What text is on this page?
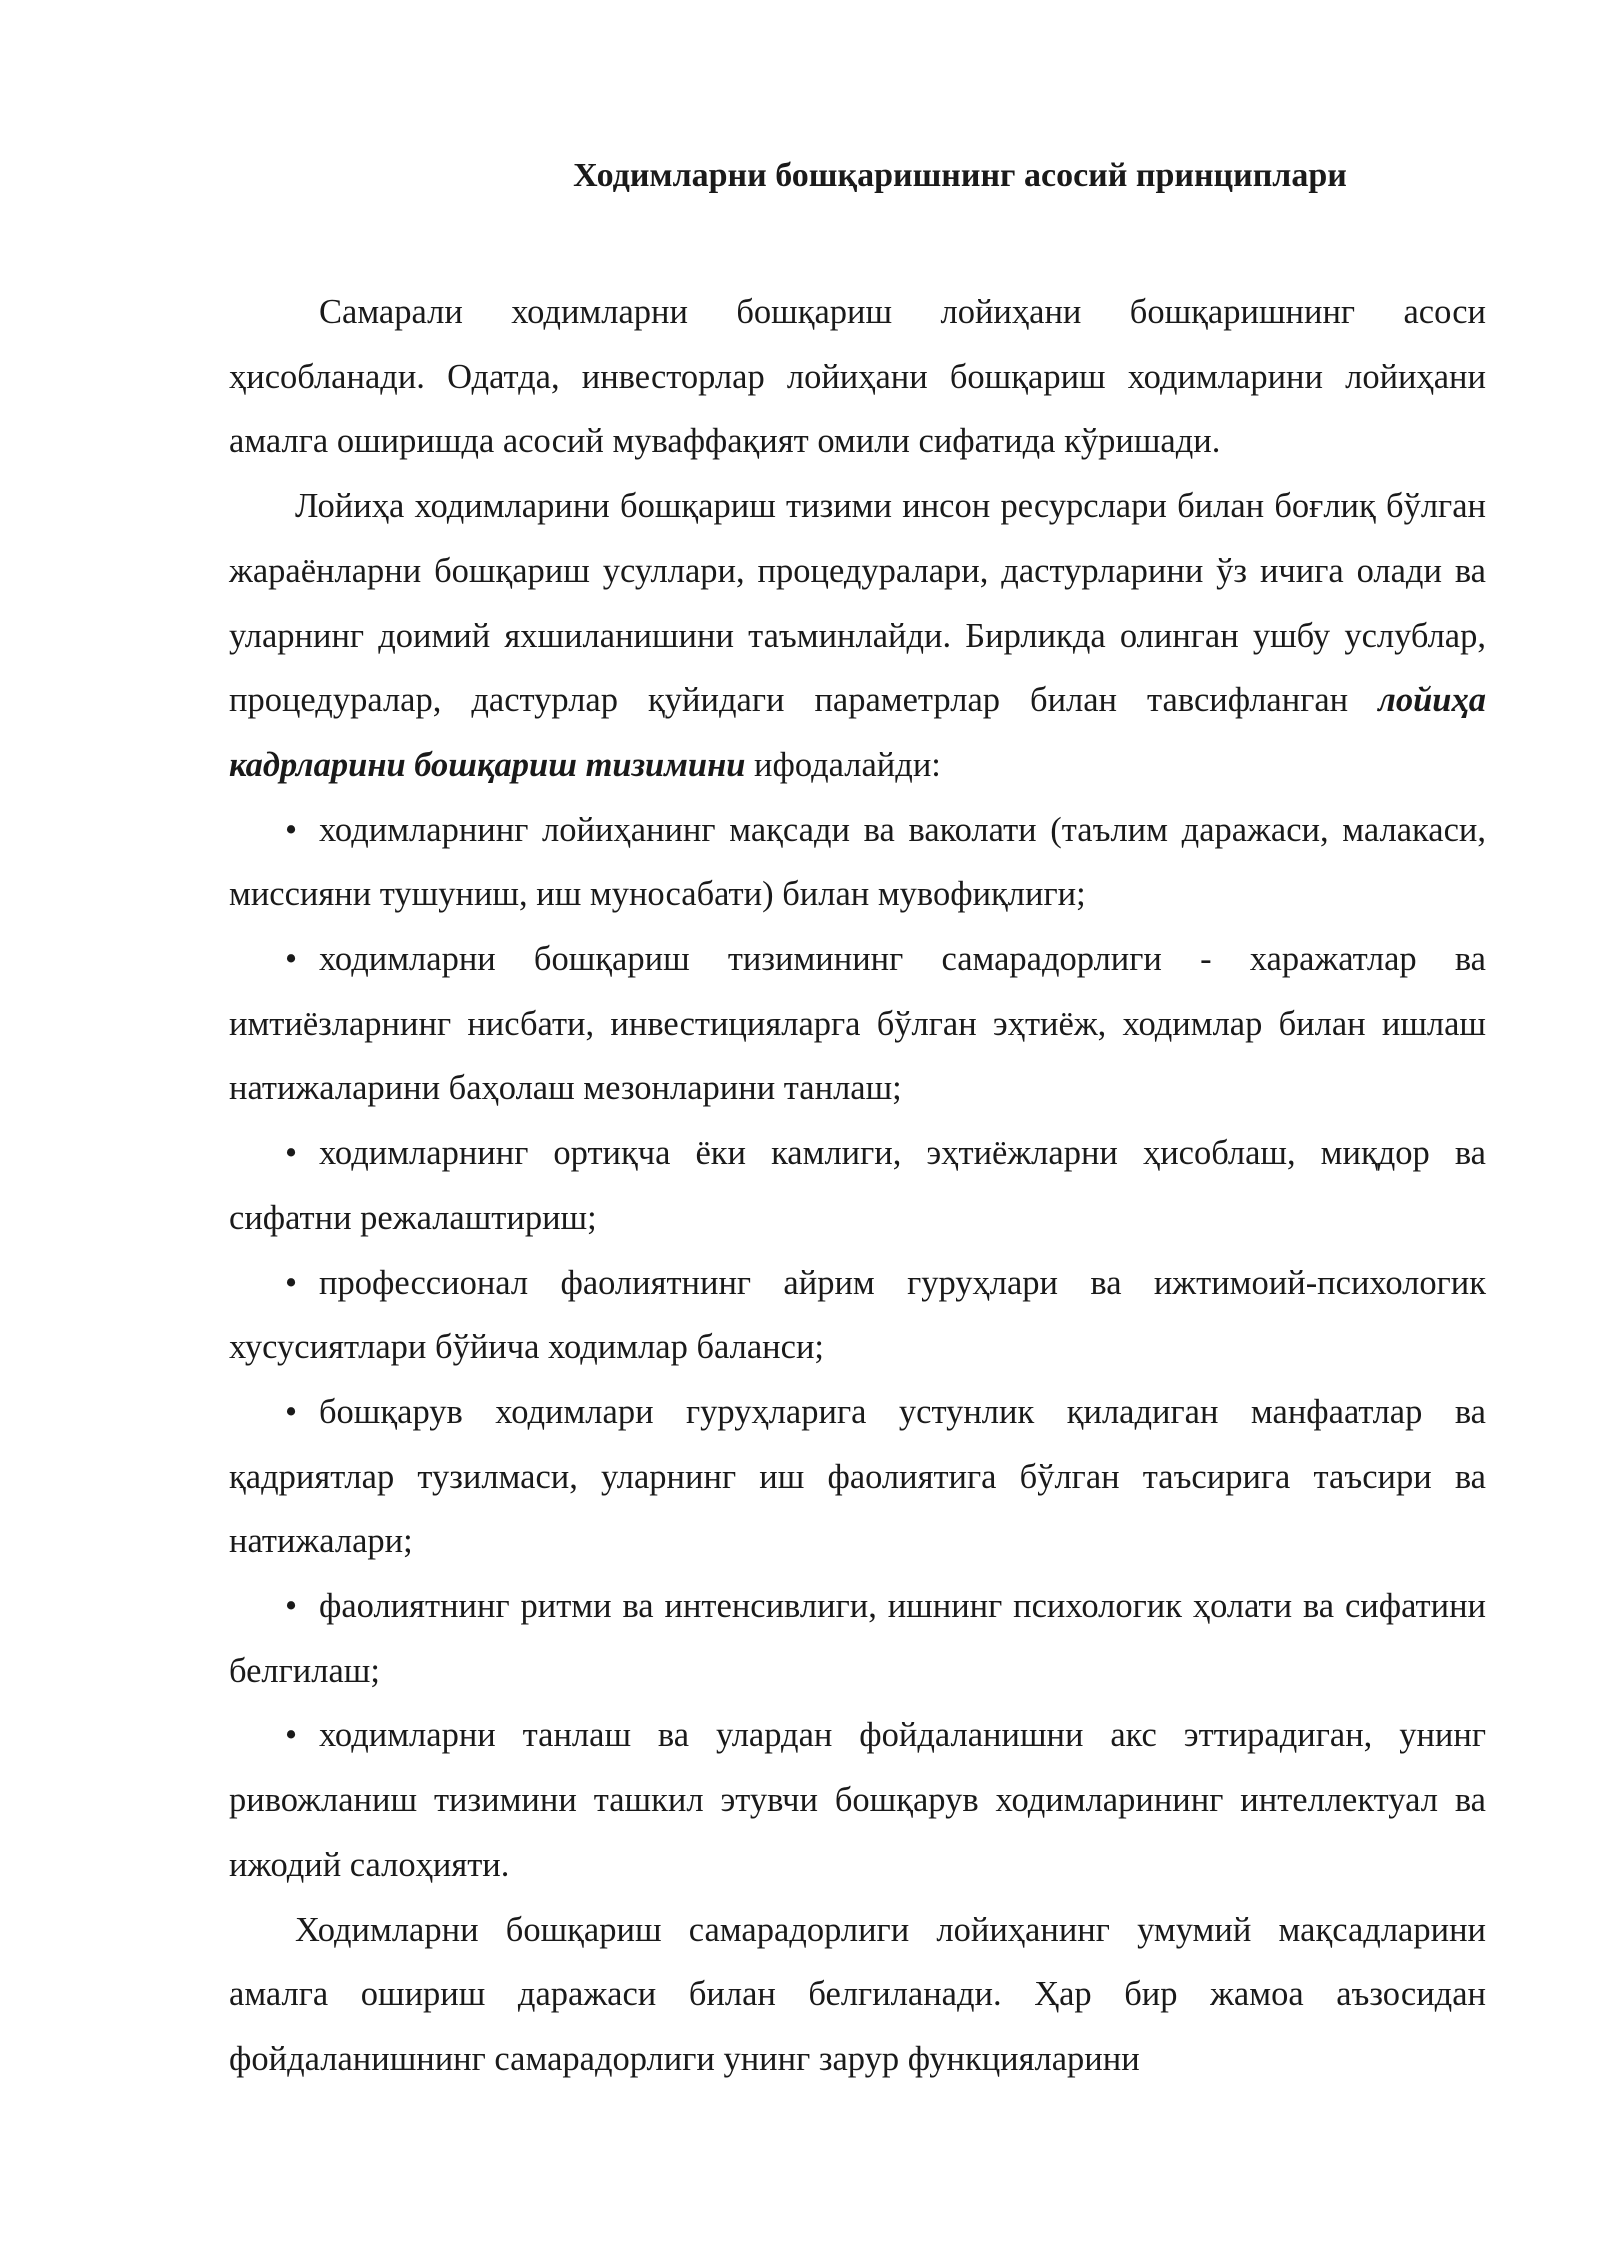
Ходимларни бошқаришнинг асосий принциплари

Самарали ходимларни бошқариш лойиҳани бошқаришнинг асоси ҳисобланади. Одатда, инвесторлар лойиҳани бошқариш ходимларини лойиҳани амалга оширишда асосий муваффақият омили сифатида кўришади.

Лойиҳа ходимларини бошқариш тизими инсон ресурслари билан боғлиқ бўлган жараёнларни бошқариш усуллари, процедуралари, дастурларини ўз ичига олади ва уларнинг доимий яхшиланишини таъминлайди. Бирликда олинган ушбу услублар, процедуралар, дастурлар қуйидаги параметрлар билан тавсифланган лойиҳа кадрларини бошқариш тизимини ифодалайди:

• ходимларнинг лойиҳанинг мақсади ва ваколати (таълим даражаси, малакаси, миссияни тушуниш, иш муносабати) билан мувофиқлиги;

• ходимларни бошқариш тизимининг самарадорлиги - харажатлар ва имтиёзларнинг нисбати, инвестицияларга бўлган эҳтиёж, ходимлар билан ишлаш натижаларини баҳолаш мезонларини танлаш;

• ходимларнинг ортиқча ёки камлиги, эҳтиёжларни ҳисоблаш, миқдор ва сифатни режалаштириш;

• профессионал фаолиятнинг айрим гуруҳлари ва ижтимоий-психологик хусусиятлари бўйича ходимлар баланси;

• бошқарув ходимлари гуруҳларига устунлик қиладиган манфаатлар ва қадриятлар тузилмаси, уларнинг иш фаолиятига бўлган таъсирига таъсири ва натижалари;

• фаолиятнинг ритми ва интенсивлиги, ишнинг психологик ҳолати ва сифатини белгилаш;

• ходимларни танлаш ва улардан фойдаланишни акс эттирадиган, унинг ривожланиш тизимини ташкил этувчи бошқарув ходимларининг интеллектуал ва ижодий салоҳияти.

Ходимларни бошқариш самарадорлиги лойиҳанинг умумий мақсадларини амалга ошириш даражаси билан белгиланади. Ҳар бир жамоа аъзосидан фойдаланишнинг самарадорлиги унинг зарур функцияларини
